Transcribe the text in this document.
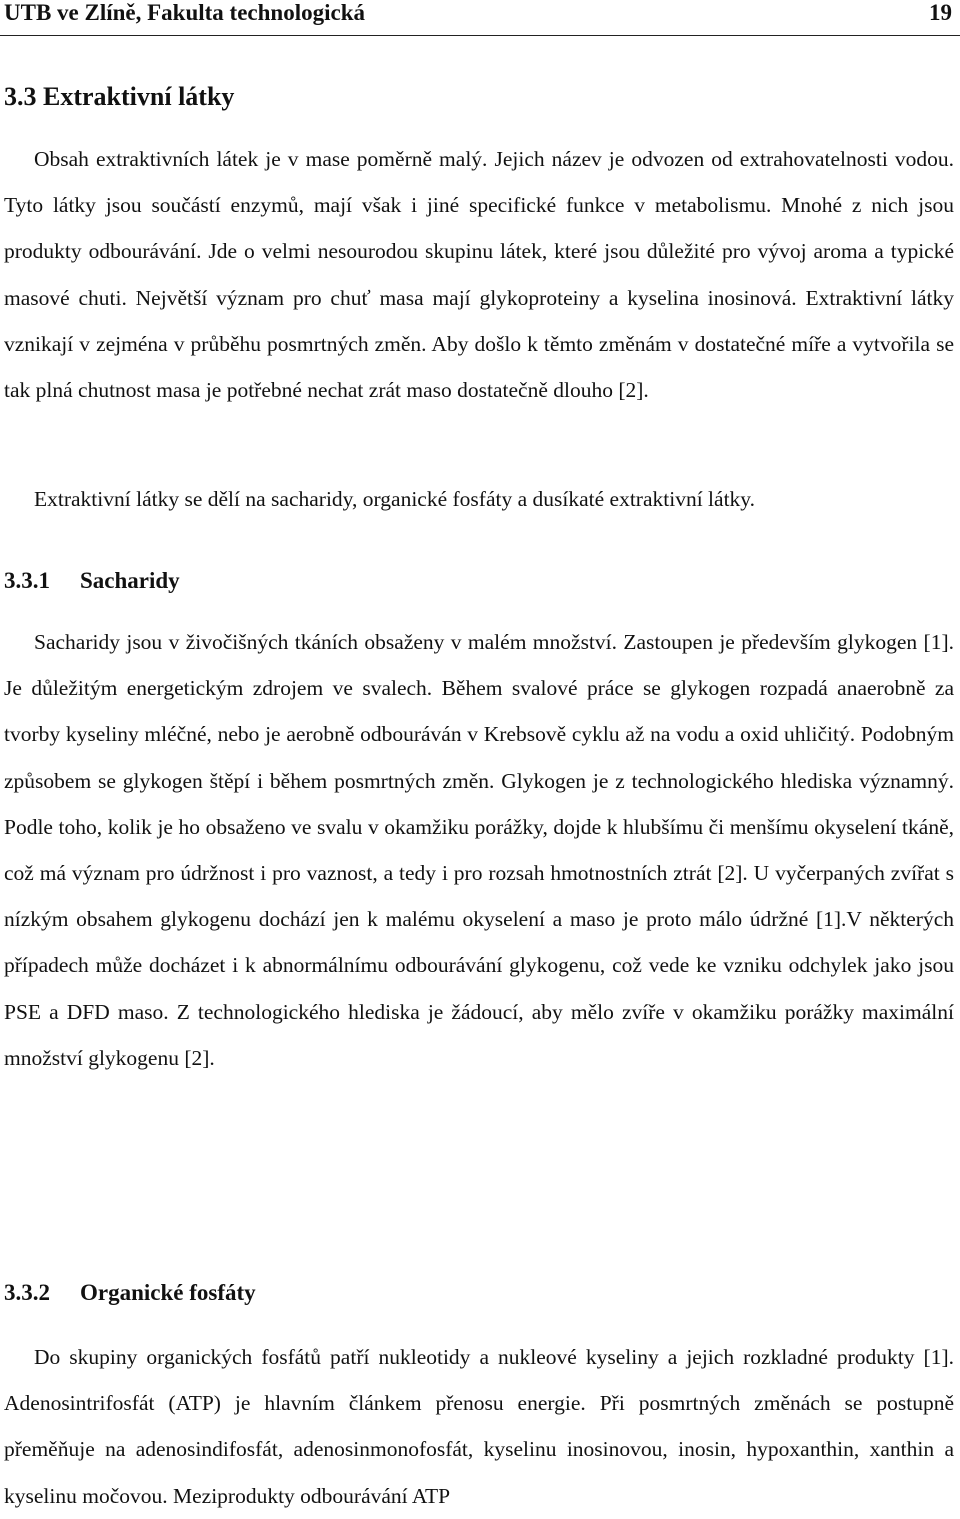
UTB ve Zlíně, Fakulta technologická	19
3.3 Extraktivní látky

Obsah extraktivních látek je v mase poměrně malý. Jejich název je odvozen od extrahovatelnosti vodou. Tyto látky jsou součástí enzymů, mají však i jiné specifické funkce v metabolismu. Mnohé z nich jsou produkty odbourávání. Jde o velmi nesourodou skupinu látek, které jsou důležité pro vývoj aroma a typické masové chuti. Největší význam pro chuť masa mají glykoproteiny a kyselina inosinová. Extraktivní látky vznikají v zejména v průběhu posmrtných změn. Aby došlo k těmto změnám v dostatečné míře a vytvořila se tak plná chutnost masa je potřebné nechat zrát maso dostatečně dlouho [2].

Extraktivní látky se dělí na sacharidy, organické fosfáty a dusíkaté extraktivní látky.

3.3.1 Sacharidy

Sacharidy jsou v živočišných tkáních obsaženy v malém množství. Zastoupen je především glykogen [1]. Je důležitým energetickým zdrojem ve svalech. Během svalové práce se glykogen rozpadá anaerobně za tvorby kyseliny mléčné, nebo je aerobně odbouráván v Krebsově cyklu až na vodu a oxid uhličitý. Podobným způsobem se glykogen štěpí i během posmrtných změn. Glykogen je z technologického hlediska významný. Podle toho, kolik je ho obsaženo ve svalu v okamžiku porážky, dojde k hlubšímu či menšímu okyselení tkáně, což má význam pro údržnost i pro vaznost, a tedy i pro rozsah hmotnostních ztrát [2]. U vyčerpaných zvířat s nízkým obsahem glykogenu dochází jen k malému okyselení a maso je proto málo údržné [1].V některých případech může docházet i k abnormálnímu odbourávání glykogenu, což vede ke vzniku odchylek jako jsou PSE a DFD maso. Z technologického hlediska je žádoucí, aby mělo zvíře v okamžiku porážky maximální množství glykogenu [2].

3.3.2 Organické fosfáty

Do skupiny organických fosfátů patří nukleotidy a nukleové kyseliny a jejich rozkladné produkty [1]. Adenosintrifosfát (ATP) je hlavním článkem přenosu energie. Při posmrtných změnách se postupně přeměňuje na adenosindifosfát, adenosinmonofosfát, kyselinu inosinovou, inosin, hypoxanthin, xanthin a kyselinu močovou. Meziprodukty odbourávání ATP
